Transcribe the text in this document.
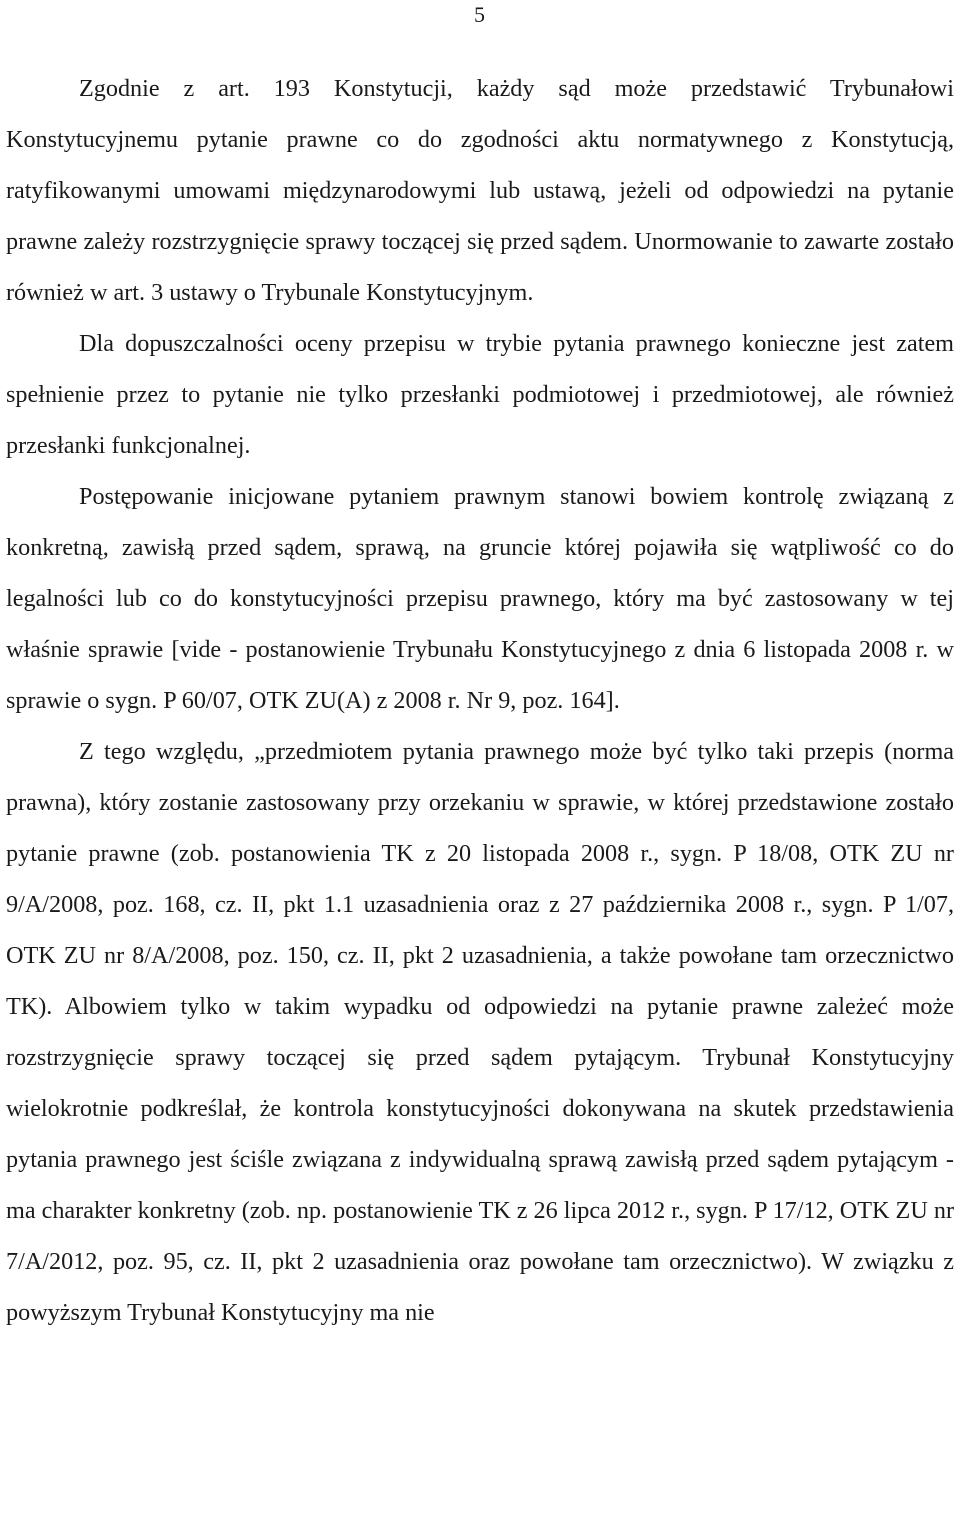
5

Zgodnie z art. 193 Konstytucji, każdy sąd może przedstawić Trybunałowi Konstytucyjnemu pytanie prawne co do zgodności aktu normatywnego z Konstytucją, ratyfikowanymi umowami międzynarodowymi lub ustawą, jeżeli od odpowiedzi na pytanie prawne zależy rozstrzygnięcie sprawy toczącej się przed sądem. Unormowanie to zawarte zostało również w art. 3 ustawy o Trybunale Konstytucyjnym.

Dla dopuszczalności oceny przepisu w trybie pytania prawnego konieczne jest zatem spełnienie przez to pytanie nie tylko przesłanki podmiotowej i przedmiotowej, ale również przesłanki funkcjonalnej.

Postępowanie inicjowane pytaniem prawnym stanowi bowiem kontrolę związaną z konkretną, zawisłą przed sądem, sprawą, na gruncie której pojawiła się wątpliwość co do legalności lub co do konstytucyjności przepisu prawnego, który ma być zastosowany w tej właśnie sprawie [vide - postanowienie Trybunału Konstytucyjnego z dnia 6 listopada 2008 r. w sprawie o sygn. P 60/07, OTK ZU(A) z 2008 r. Nr 9, poz. 164].

Z tego względu, „przedmiotem pytania prawnego może być tylko taki przepis (norma prawna), który zostanie zastosowany przy orzekaniu w sprawie, w której przedstawione zostało pytanie prawne (zob. postanowienia TK z 20 listopada 2008 r., sygn. P 18/08, OTK ZU nr 9/A/2008, poz. 168, cz. II, pkt 1.1 uzasadnienia oraz z 27 października 2008 r., sygn. P 1/07, OTK ZU nr 8/A/2008, poz. 150, cz. II, pkt 2 uzasadnienia, a także powołane tam orzecznictwo TK). Albowiem tylko w takim wypadku od odpowiedzi na pytanie prawne zależeć może rozstrzygnięcie sprawy toczącej się przed sądem pytającym. Trybunał Konstytucyjny wielokrotnie podkreślał, że kontrola konstytucyjności dokonywana na skutek przedstawienia pytania prawnego jest ściśle związana z indywidualną sprawą zawisłą przed sądem pytającym - ma charakter konkretny (zob. np. postanowienie TK z 26 lipca 2012 r., sygn. P 17/12, OTK ZU nr 7/A/2012, poz. 95, cz. II, pkt 2 uzasadnienia oraz powołane tam orzecznictwo). W związku z powyższym Trybunał Konstytucyjny ma nie
